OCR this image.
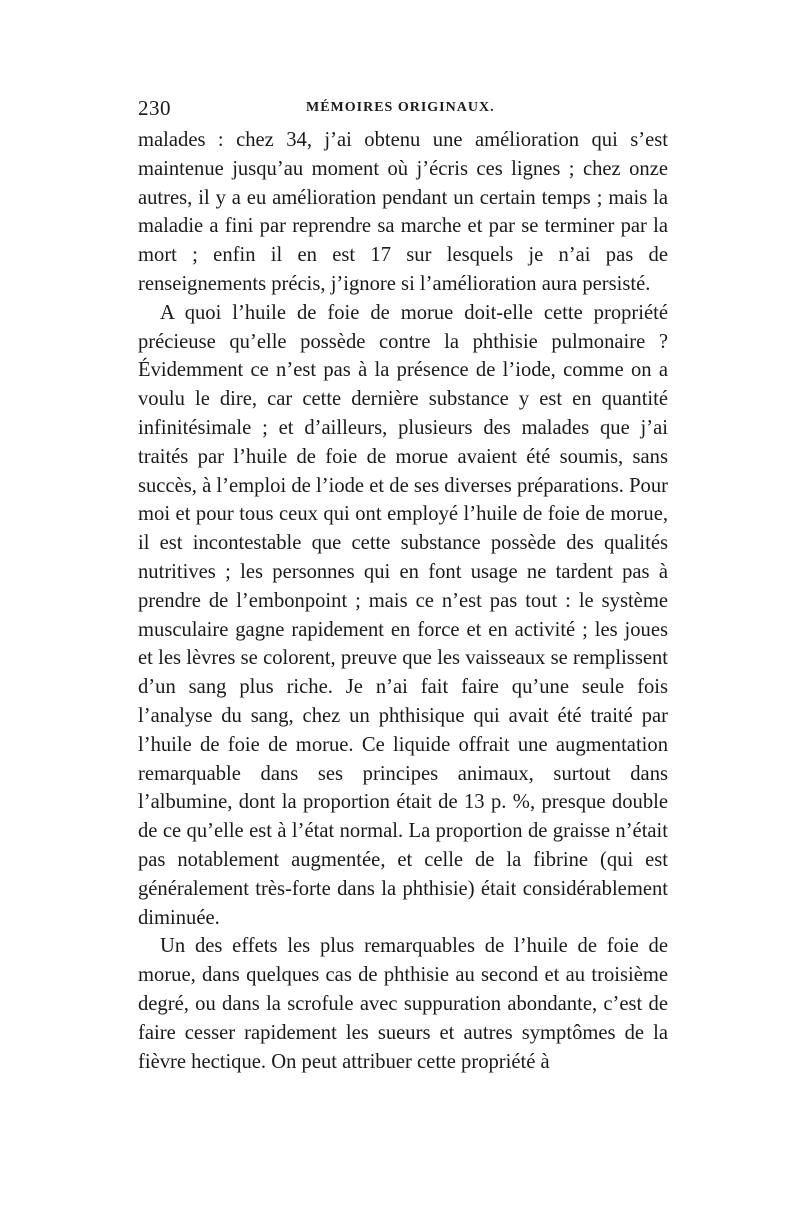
230	MÉMOIRES ORIGINAUX.

malades : chez 34, j’ai obtenu une amélioration qui s’est maintenue jusqu’au moment où j’écris ces lignes ; chez onze autres, il y a eu amélioration pendant un certain temps ; mais la maladie a fini par reprendre sa marche et par se terminer par la mort ; enfin il en est 17 sur lesquels je n’ai pas de renseignements précis, j’ignore si l’amélioration aura persisté.

A quoi l’huile de foie de morue doit-elle cette propriété précieuse qu’elle possède contre la phthisie pulmonaire ? Évidemment ce n’est pas à la présence de l’iode, comme on a voulu le dire, car cette dernière substance y est en quantité infinitésimale ; et d’ailleurs, plusieurs des malades que j’ai traités par l’huile de foie de morue avaient été soumis, sans succès, à l’emploi de l’iode et de ses diverses préparations. Pour moi et pour tous ceux qui ont employé l’huile de foie de morue, il est incontestable que cette substance possède des qualités nutritives ; les personnes qui en font usage ne tardent pas à prendre de l’embonpoint ; mais ce n’est pas tout : le système musculaire gagne rapidement en force et en activité ; les joues et les lèvres se colorent, preuve que les vaisseaux se remplissent d’un sang plus riche. Je n’ai fait faire qu’une seule fois l’analyse du sang, chez un phthisique qui avait été traité par l’huile de foie de morue. Ce liquide offrait une augmentation remarquable dans ses principes animaux, surtout dans l’albumine, dont la proportion était de 13 p. %, presque double de ce qu’elle est à l’état normal. La proportion de graisse n’était pas notablement augmentée, et celle de la fibrine (qui est généralement très-forte dans la phthisie) était considérablement diminuée.

Un des effets les plus remarquables de l’huile de foie de morue, dans quelques cas de phthisie au second et au troisième degré, ou dans la scrofule avec suppuration abondante, c’est de faire cesser rapidement les sueurs et autres symptômes de la fièvre hectique. On peut attribuer cette propriété à
